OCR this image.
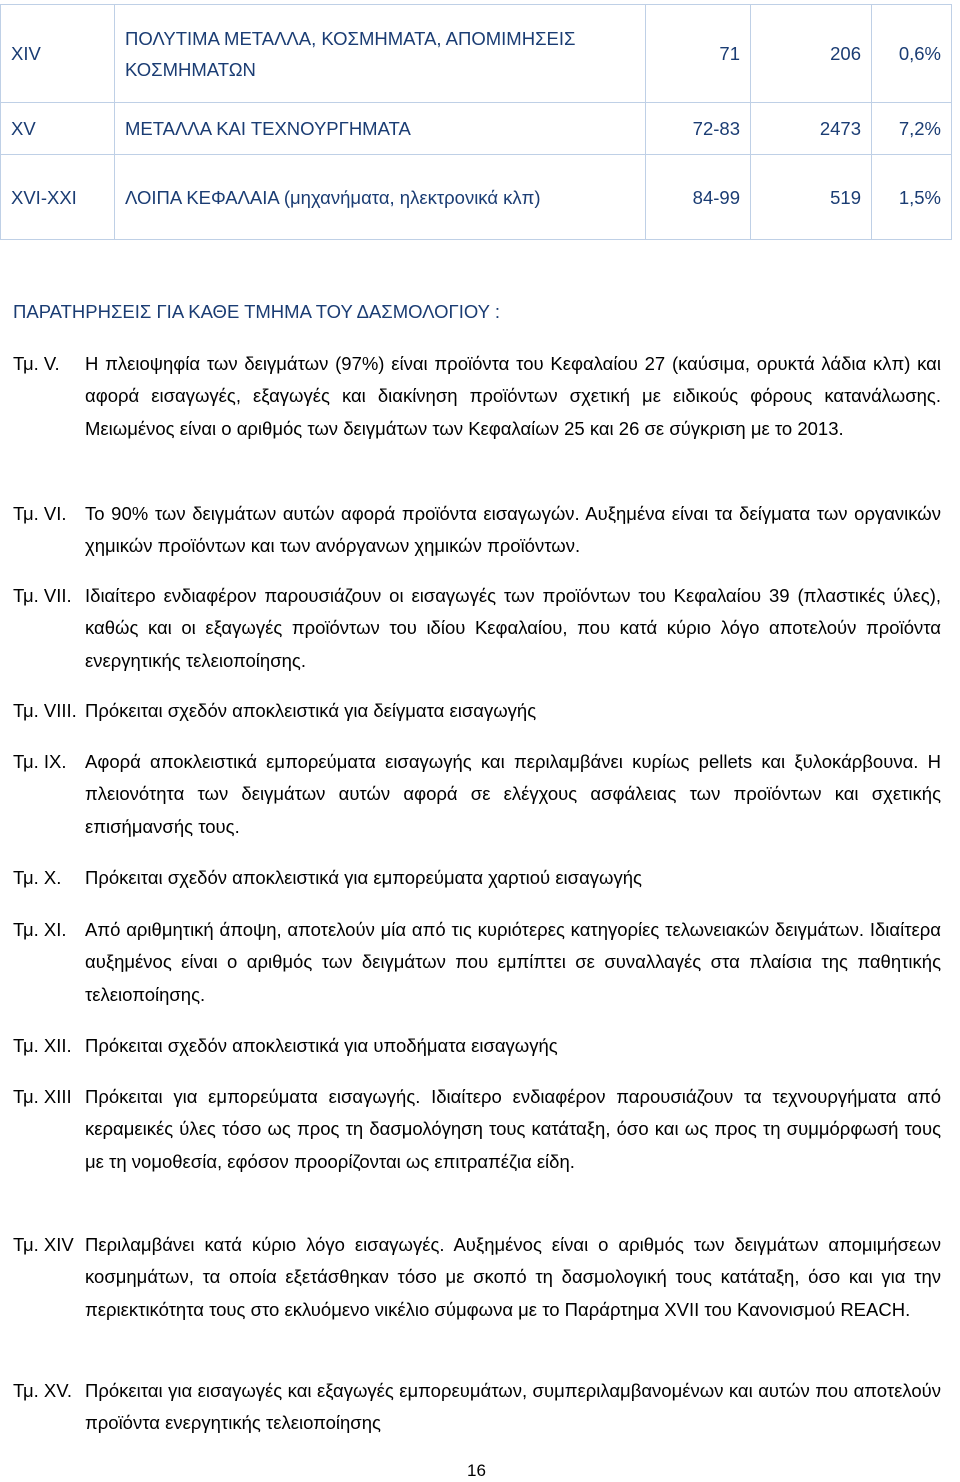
XIV	ΠΟΛΥΤΙΜΑ ΜΕΤΑΛΛΑ, ΚΟΣΜΗΜΑΤΑ, ΑΠΟΜΙΜΗΣΕΙΣ ΚΟΣΜΗΜΑΤΩΝ	71	206	0,6%
XV	ΜΕΤΑΛΛΑ ΚΑΙ ΤΕΧΝΟΥΡΓΗΜΑΤΑ	72-83	2473	7,2%
XVI-XXI	ΛΟΙΠΑ ΚΕΦΑΛΑΙΑ (μηχανήματα, ηλεκτρονικά κλπ)	84-99	519	1,5%

ΠΑΡΑΤΗΡΗΣΕΙΣ ΓΙΑ ΚΑΘΕ ΤΜΗΜΑ ΤΟΥ ΔΑΣΜΟΛΟΓΙΟΥ :

Τμ. V.	Η πλειοψηφία των δειγμάτων (97%) είναι προϊόντα του Κεφαλαίου 27 (καύσιμα, ορυκτά λάδια κλπ) και αφορά εισαγωγές, εξαγωγές και διακίνηση προϊόντων σχετική με ειδικούς φόρους κατανάλωσης. Μειωμένος είναι ο αριθμός των δειγμάτων των Κεφαλαίων 25 και 26 σε σύγκριση με το 2013.
Τμ. VI. Το 90% των δειγμάτων αυτών αφορά προϊόντα εισαγωγών. Αυξημένα είναι τα δείγματα των οργανικών χημικών προϊόντων και των ανόργανων χημικών προϊόντων.
Τμ. VII. Ιδιαίτερο ενδιαφέρον παρουσιάζουν οι εισαγωγές των προϊόντων του Κεφαλαίου 39 (πλαστικές ύλες), καθώς και οι εξαγωγές προϊόντων του ιδίου Κεφαλαίου, που κατά κύριο λόγο αποτελούν προϊόντα ενεργητικής τελειοποίησης.
Τμ. VIII. Πρόκειται σχεδόν αποκλειστικά για δείγματα εισαγωγής
Τμ. IX. Αφορά αποκλειστικά εμπορεύματα εισαγωγής και περιλαμβάνει κυρίως pellets και ξυλοκάρβουνα. Η πλειονότητα των δειγμάτων αυτών αφορά σε ελέγχους ασφάλειας των προϊόντων και σχετικής επισήμανσής τους.
Τμ. X.	Πρόκειται σχεδόν αποκλειστικά για εμπορεύματα χαρτιού εισαγωγής
Τμ. XI. Από αριθμητική άποψη, αποτελούν μία από τις κυριότερες κατηγορίες τελωνειακών δειγμάτων. Ιδιαίτερα αυξημένος είναι ο αριθμός των δειγμάτων που εμπίπτει σε συναλλαγές στα πλαίσια της παθητικής τελειοποίησης.
Τμ. XII. Πρόκειται σχεδόν αποκλειστικά για υποδήματα εισαγωγής
Τμ. XIII Πρόκειται για εμπορεύματα εισαγωγής. Ιδιαίτερο ενδιαφέρον παρουσιάζουν τα τεχνουργήματα από κεραμεικές ύλες τόσο ως προς τη δασμολόγηση τους κατάταξη, όσο και ως προς τη συμμόρφωσή τους με τη νομοθεσία, εφόσον προορίζονται ως επιτραπέζια είδη.
Τμ. XIV Περιλαμβάνει κατά κύριο λόγο εισαγωγές. Αυξημένος είναι ο αριθμός των δειγμάτων απομιμήσεων κοσμημάτων, τα οποία εξετάσθηκαν τόσο με σκοπό τη δασμολογική τους κατάταξη, όσο και για την περιεκτικότητα τους στο εκλυόμενο νικέλιο σύμφωνα με το Παράρτημα XVII του Κανονισμού REACH.
Τμ. XV. Πρόκειται για εισαγωγές και εξαγωγές εμπορευμάτων, συμπεριλαμβανομένων και αυτών που αποτελούν προϊόντα ενεργητικής τελειοποίησης
16
